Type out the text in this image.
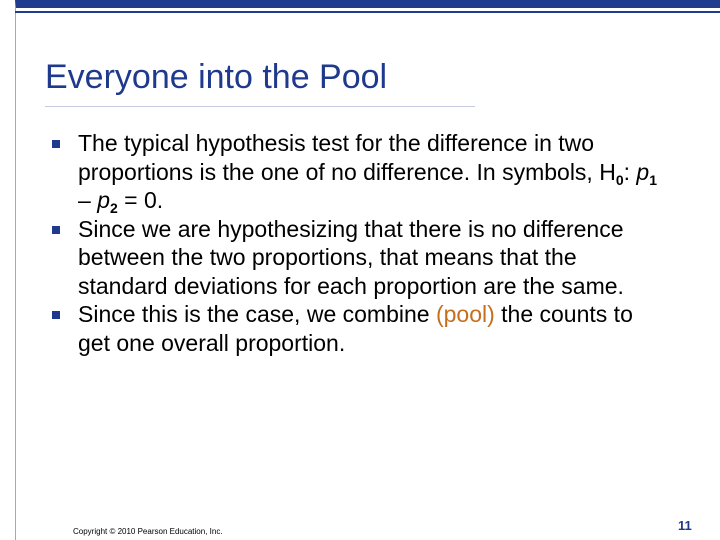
Everyone into the Pool
The typical hypothesis test for the difference in two proportions is the one of no difference. In symbols, $H_0$: $p_1 - p_2 = 0$.
Since we are hypothesizing that there is no difference between the two proportions, that means that the standard deviations for each proportion are the same.
Since this is the case, we combine (pool) the counts to get one overall proportion.
Copyright © 2010 Pearson Education, Inc.	11
